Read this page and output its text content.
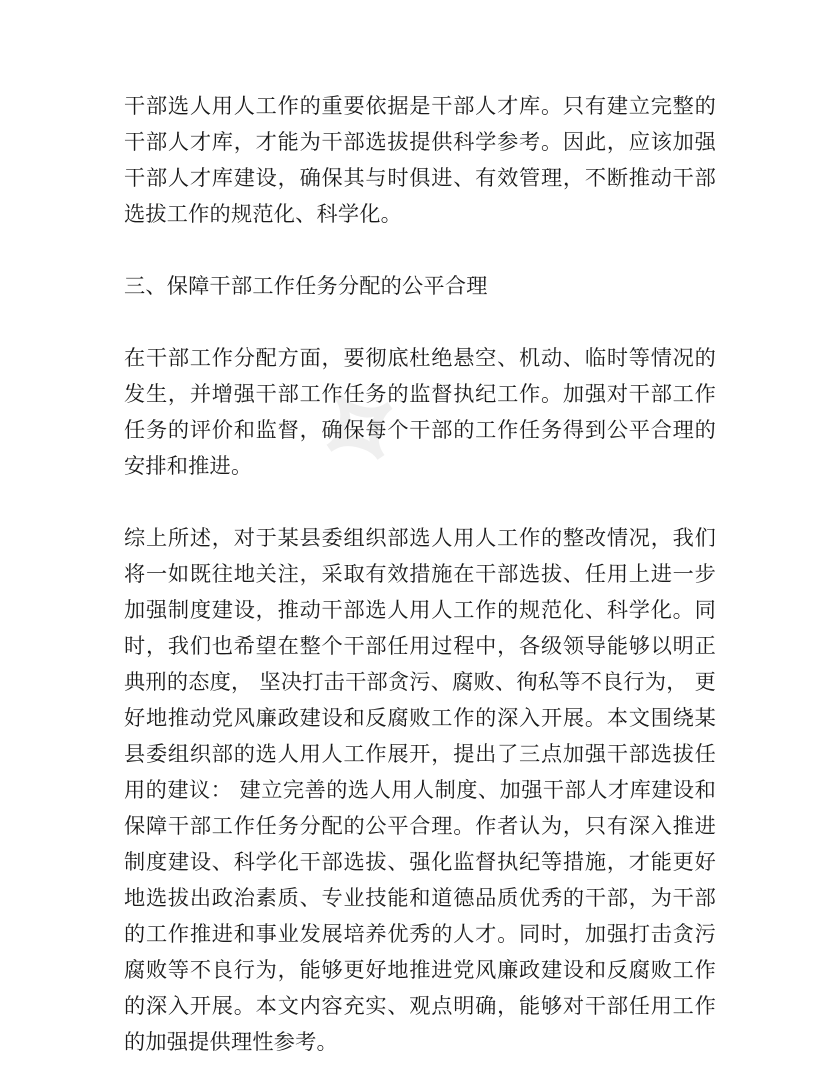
⟡

干部选人用人工作的重要依据是干部人才库。只有建立完整的干部人才库，才能为干部选拔提供科学参考。因此，应该加强干部人才库建设，确保其与时俱进、有效管理，不断推动干部选拔工作的规范化、科学化。

三、保障干部工作任务分配的公平合理

在干部工作分配方面，要彻底杜绝悬空、机动、临时等情况的发生，并增强干部工作任务的监督执纪工作。加强对干部工作任务的评价和监督，确保每个干部的工作任务得到公平合理的安排和推进。

综上所述，对于某县委组织部选人用人工作的整改情况，我们将一如既往地关注，采取有效措施在干部选拔、任用上进一步加强制度建设，推动干部选人用人工作的规范化、科学化。同时，我们也希望在整个干部任用过程中，各级领导能够以明正典刑的态度， 坚决打击干部贪污、腐败、徇私等不良行为， 更好地推动党风廉政建设和反腐败工作的深入开展。本文围绕某县委组织部的选人用人工作展开，提出了三点加强干部选拔任用的建议： 建立完善的选人用人制度、加强干部人才库建设和保障干部工作任务分配的公平合理。作者认为，只有深入推进制度建设、科学化干部选拔、强化监督执纪等措施，才能更好地选拔出政治素质、专业技能和道德品质优秀的干部，为干部的工作推进和事业发展培养优秀的人才。同时，加强打击贪污腐败等不良行为，能够更好地推进党风廉政建设和反腐败工作的深入开展。本文内容充实、观点明确，能够对干部任用工作的加强提供理性参考。
